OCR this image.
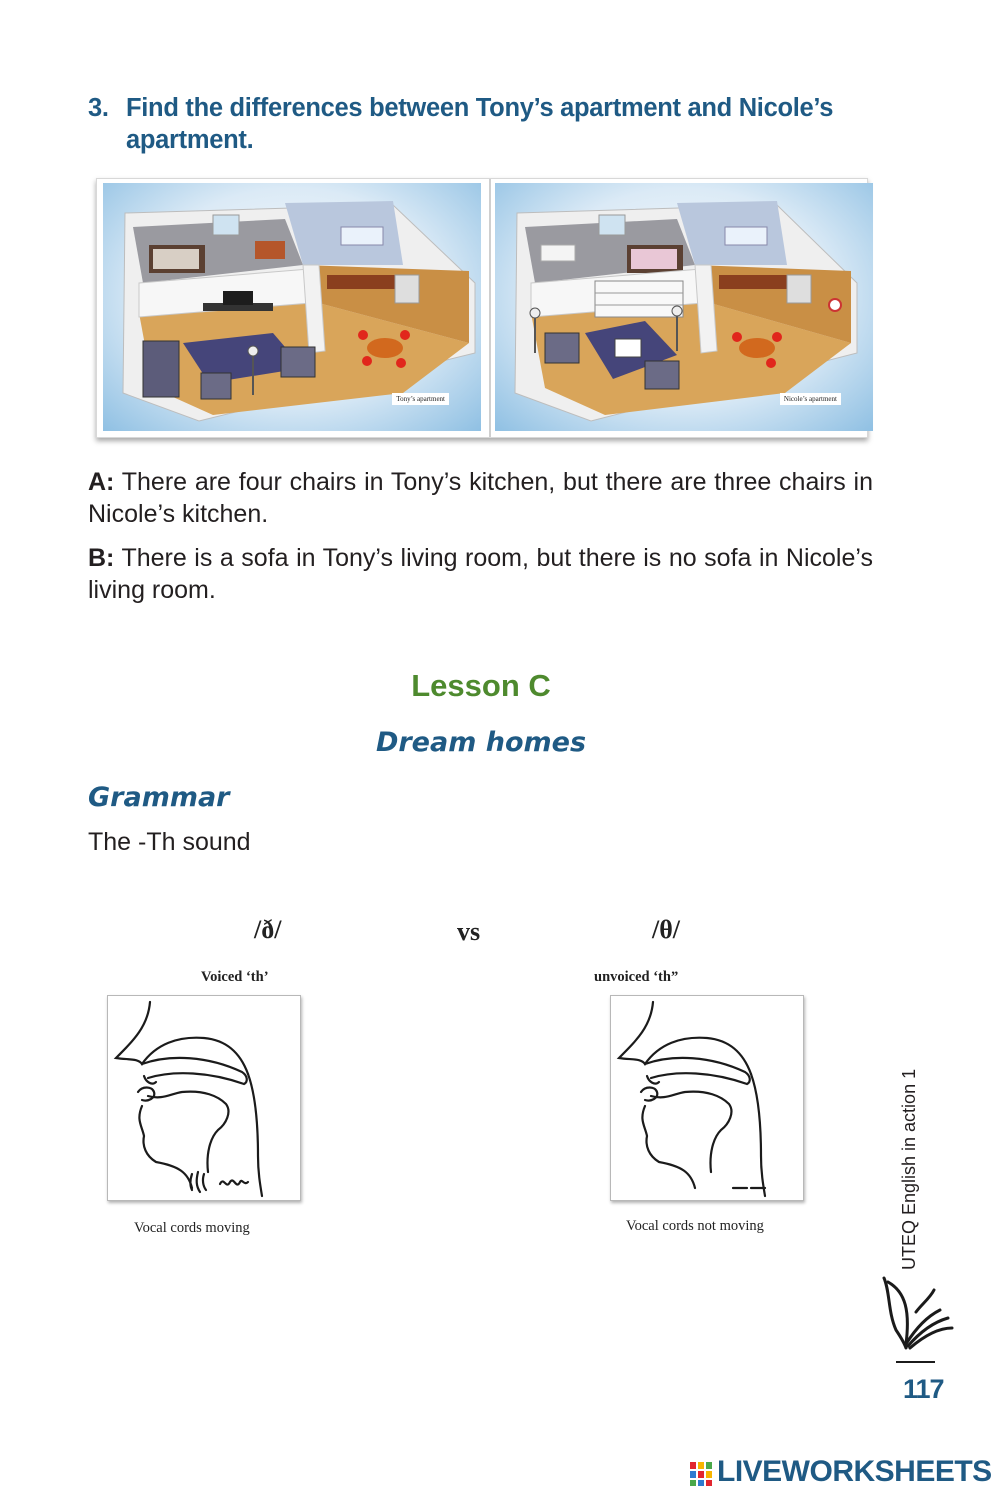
3. Find the differences between Tony’s apartment and Nicole’s apartment.
Tony’s apartment	Nicole’s apartment
A: There are four chairs in Tony’s kitchen, but there are three chairs in Nicole’s kitchen.
B: There is a sofa in Tony’s living room, but there is no sofa in Nicole’s living room.
Lesson C
Dream homes
Grammar
The -Th sound
/ð/	vs	/θ/
Voiced ‘th’	unvoiced ‘th”
Vocal cords moving	Vocal cords not moving	UTEQ English in action 1
117
LIVEWORKSHEETS
